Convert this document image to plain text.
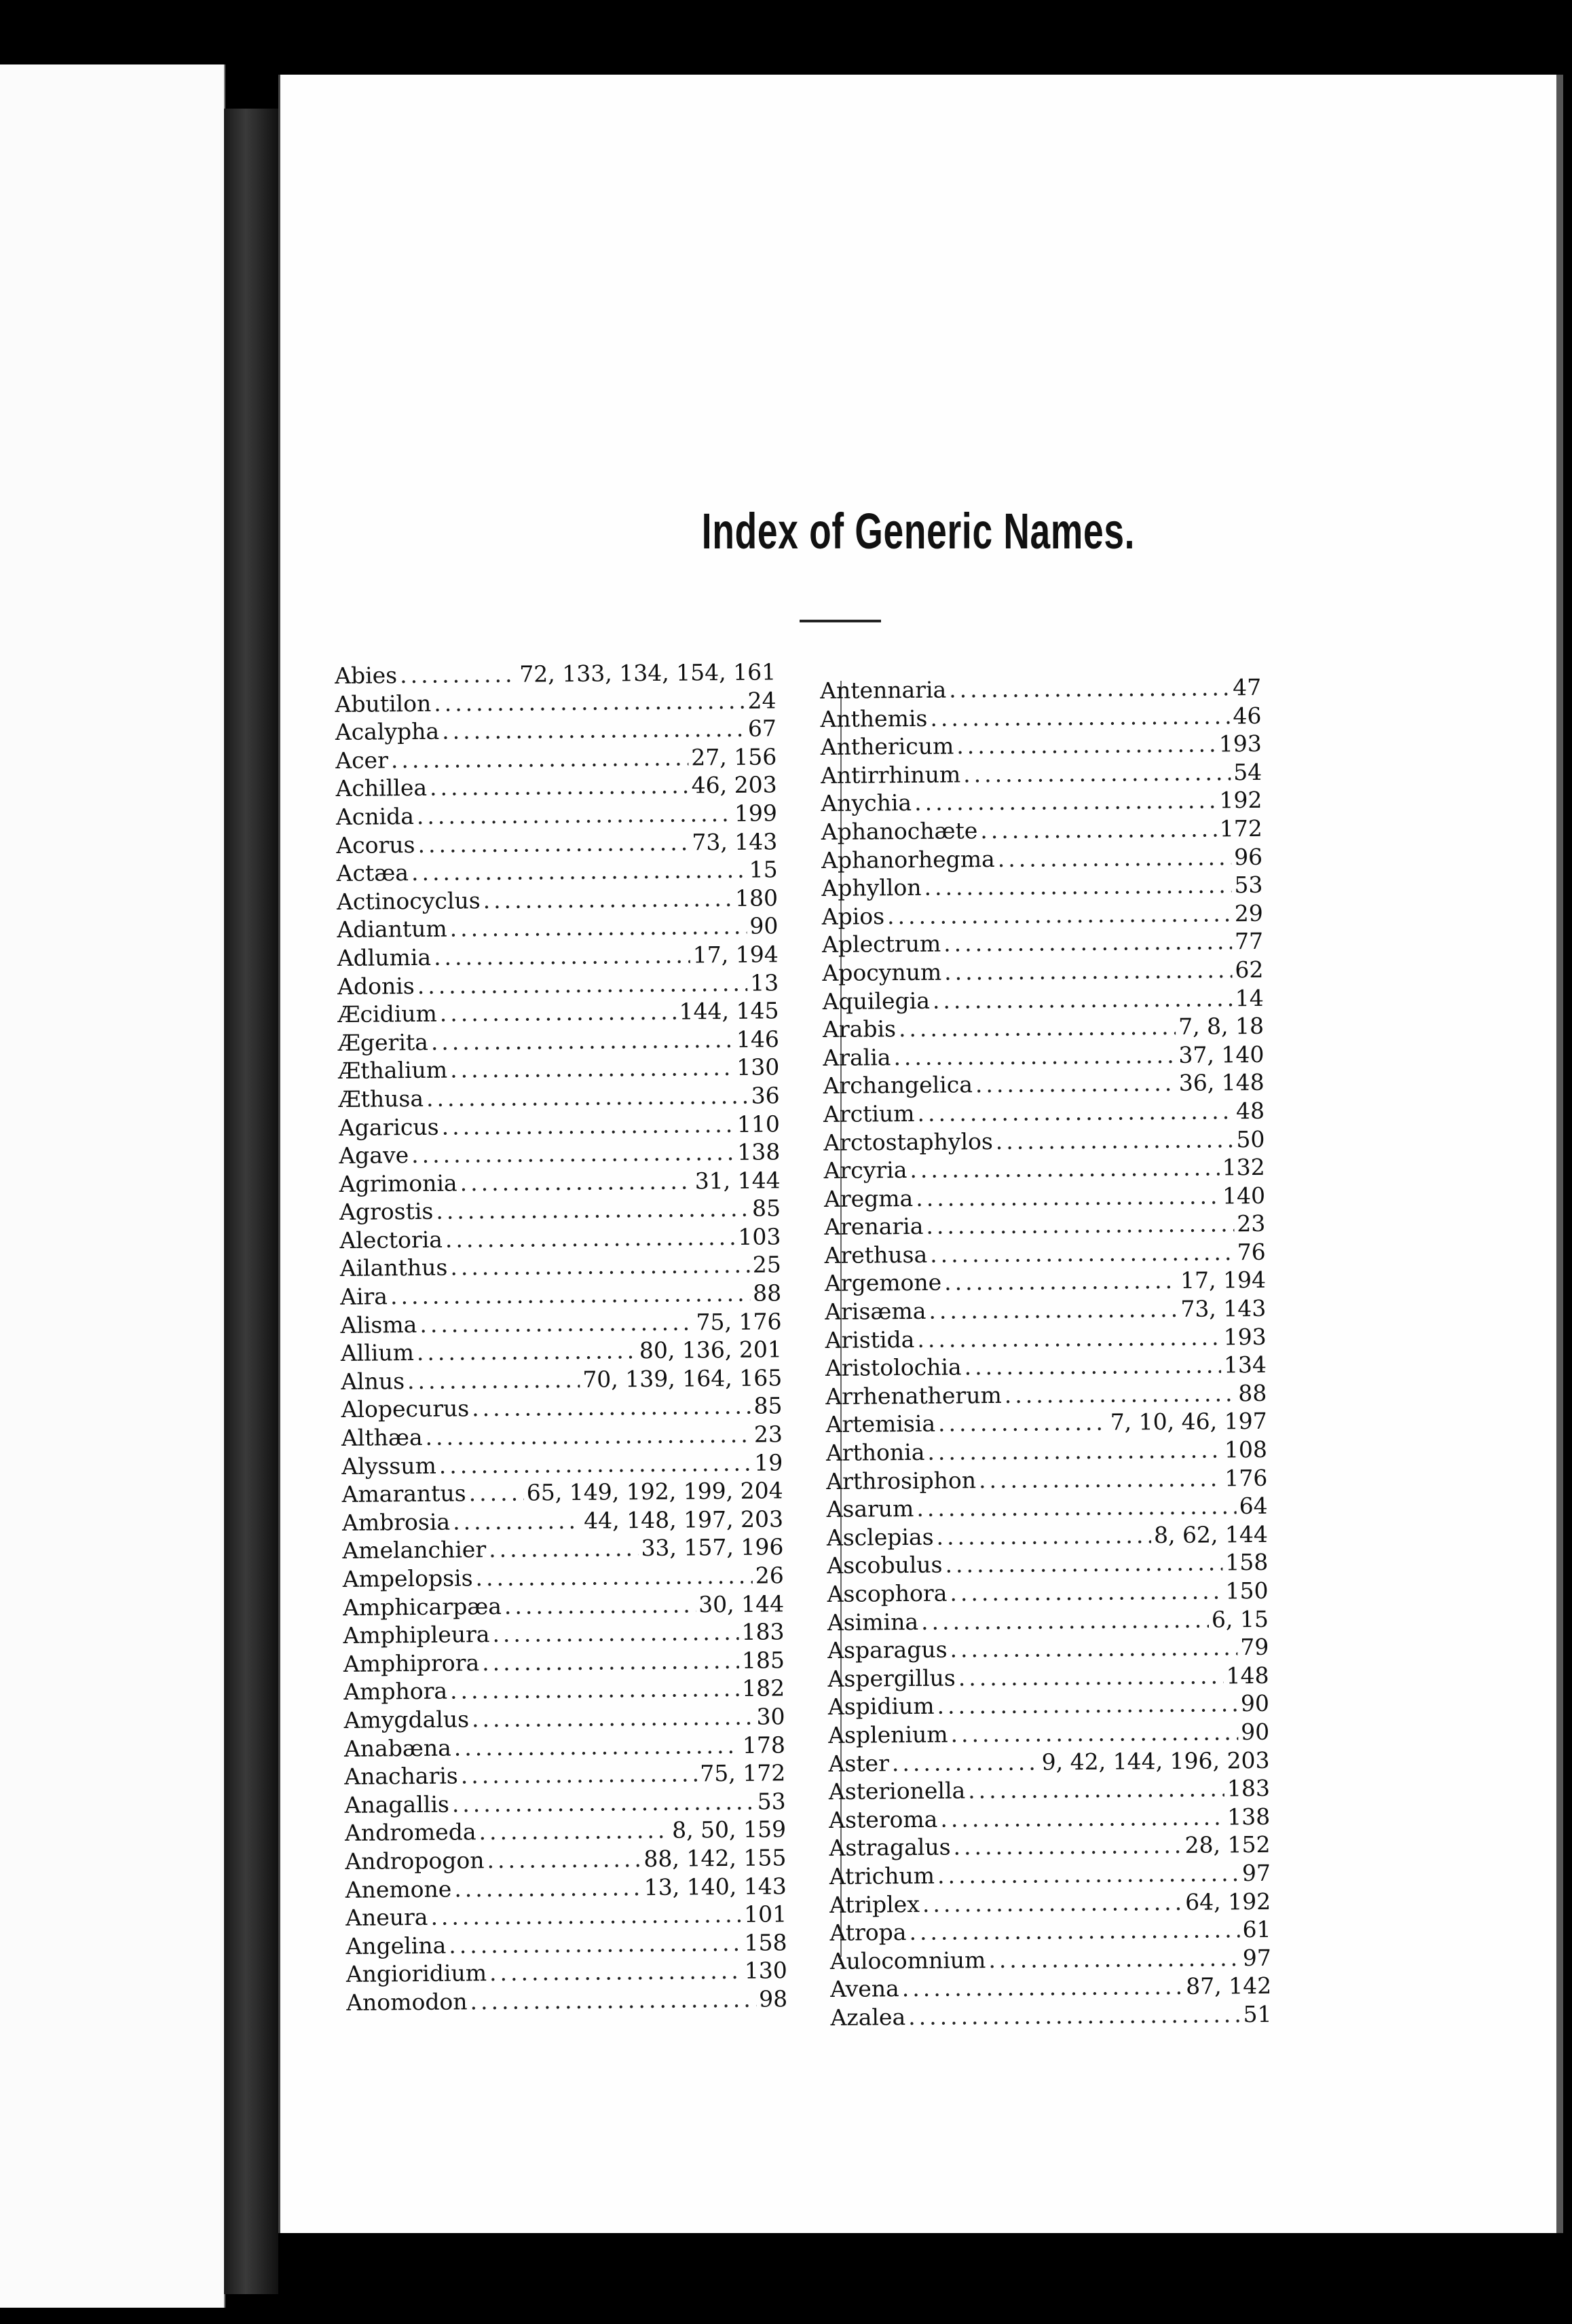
Index of Generic Names.
Abies .....	72, 133, 134, 154, 161
Abutilon .....	24
Acalypha .....	67
Acer .....	27, 156
Achillea .....	46, 203
Acnida .....	199
Acorus .....	73, 143
Actæa .....	15
Actinocyclus .....	180
Adiantum .....	90
Adlumia .....	17, 194
Adonis .....	13
Æcidium .....	144, 145
Ægerita .....	146
Æthalium .....	130
Æthusa .....	36
Agaricus .....	110
Agave .....	138
Agrimonia .....	31, 144
Agrostis .....	85
Alectoria .....	103
Ailanthus .....	25
Aira .....	88
Alisma .....	75, 176
Allium .....	80, 136, 201
Alnus .....	70, 139, 164, 165
Alopecurus .....	85
Althæa .....	23
Alyssum .....	19
Amarantus .....	65, 149, 192, 199, 204
Ambrosia .....	44, 148, 197, 203
Amelanchier .....	33, 157, 196
Ampelopsis .....	26
Amphicarpæa .....	30, 144
Amphipleura .....	183
Amphiprora .....	185
Amphora .....	182
Amygdalus .....	30
Anabæna .....	178
Anacharis .....	75, 172
Anagallis .....	53
Andromeda .....	8, 50, 159
Andropogon .....	88, 142, 155
Anemone .....	13, 140, 143
Aneura .....	101
Angelina .....	158
Angioridium .....	130
Anomodon .....	98
Antennaria .....	47
Anthemis .....	46
Anthericum .....	193
Antirrhinum .....	54
Anychia .....	192
Aphanochæte .....	172
Aphanorhegma .....	96
Aphyllon .....	53
Apios .....	29
Aplectrum .....	77
Apocynum .....	62
Aquilegia .....	14
Arabis .....	7, 8, 18
Aralia .....	37, 140
Archangelica .....	36, 148
Arctium .....	48
Arctostaphylos .....	50
Arcyria .....	132
Aregma .....	140
Arenaria .....	23
Arethusa .....	76
Argemone .....	17, 194
Arisæma .....	73, 143
Aristida .....	193
Aristolochia .....	134
Arrhenatherum .....	88
Artemisia .....	7, 10, 46, 197
Arthonia .....	108
Arthrosiphon .....	176
Asarum .....	64
Asclepias .....	8, 62, 144
Ascobulus .....	158
Ascophora .....	150
Asimina .....	6, 15
Asparagus .....	79
Aspergillus .....	148
Aspidium .....	90
Asplenium .....	90
Aster .....	9, 42, 144, 196, 203
Asterionella .....	183
Asteroma .....	138
Astragalus .....	28, 152
Atrichum .....	97
Atriplex .....	64, 192
Atropa .....	61
Aulocomnium .....	97
Avena .....	87, 142
Azalea .....	51
